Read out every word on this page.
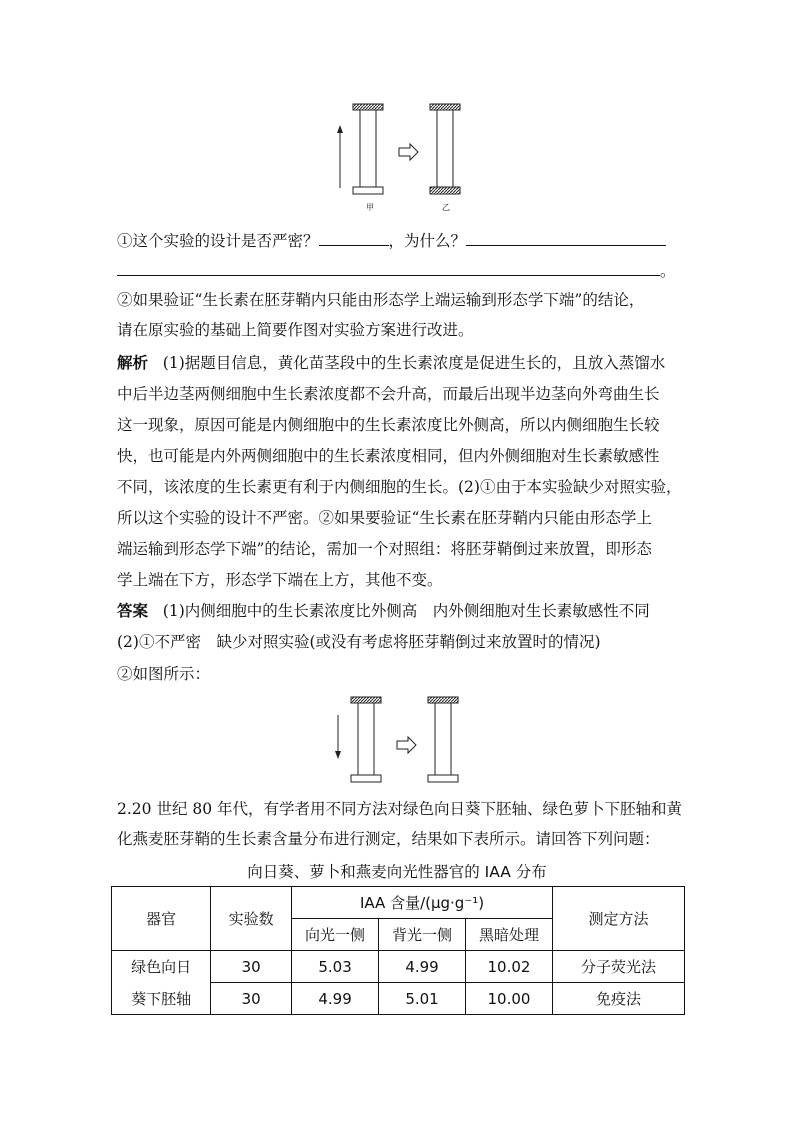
甲	乙
①这个实验的设计是否严密？	，为什么？
。
②如果验证“生长素在胚芽鞘内只能由形态学上端运输到形态学下端”的结论，
请在原实验的基础上简要作图对实验方案进行改进。
解析 (1)据题目信息，黄化苗茎段中的生长素浓度是促进生长的，且放入蒸馏水
中后半边茎两侧细胞中生长素浓度都不会升高，而最后出现半边茎向外弯曲生长
这一现象，原因可能是内侧细胞中的生长素浓度比外侧高，所以内侧细胞生长较
快，也可能是内外两侧细胞中的生长素浓度相同，但内外侧细胞对生长素敏感性
不同，该浓度的生长素更有利于内侧细胞的生长。(2)①由于本实验缺少对照实验，
所以这个实验的设计不严密。②如果要验证“生长素在胚芽鞘内只能由形态学上
端运输到形态学下端”的结论，需加一个对照组：将胚芽鞘倒过来放置，即形态
学上端在下方，形态学下端在上方，其他不变。
答案 (1)内侧细胞中的生长素浓度比外侧高　内外侧细胞对生长素敏感性不同
(2)①不严密　缺少对照实验(或没有考虑将胚芽鞘倒过来放置时的情况)
②如图所示：
2.20 世纪 80 年代，有学者用不同方法对绿色向日葵下胚轴、绿色萝卜下胚轴和黄
化燕麦胚芽鞘的生长素含量分布进行测定，结果如下表所示。请回答下列问题：
向日葵、萝卜和燕麦向光性器官的 IAA 分布
器官	实验数	IAA 含量/(μg·g⁻¹)			测定方法
		向光一侧	背光一侧	黑暗处理	
绿色向日	30	5.03	4.99	10.02	分子荧光法
葵下胚轴	30	4.99	5.01	10.00	免疫法
